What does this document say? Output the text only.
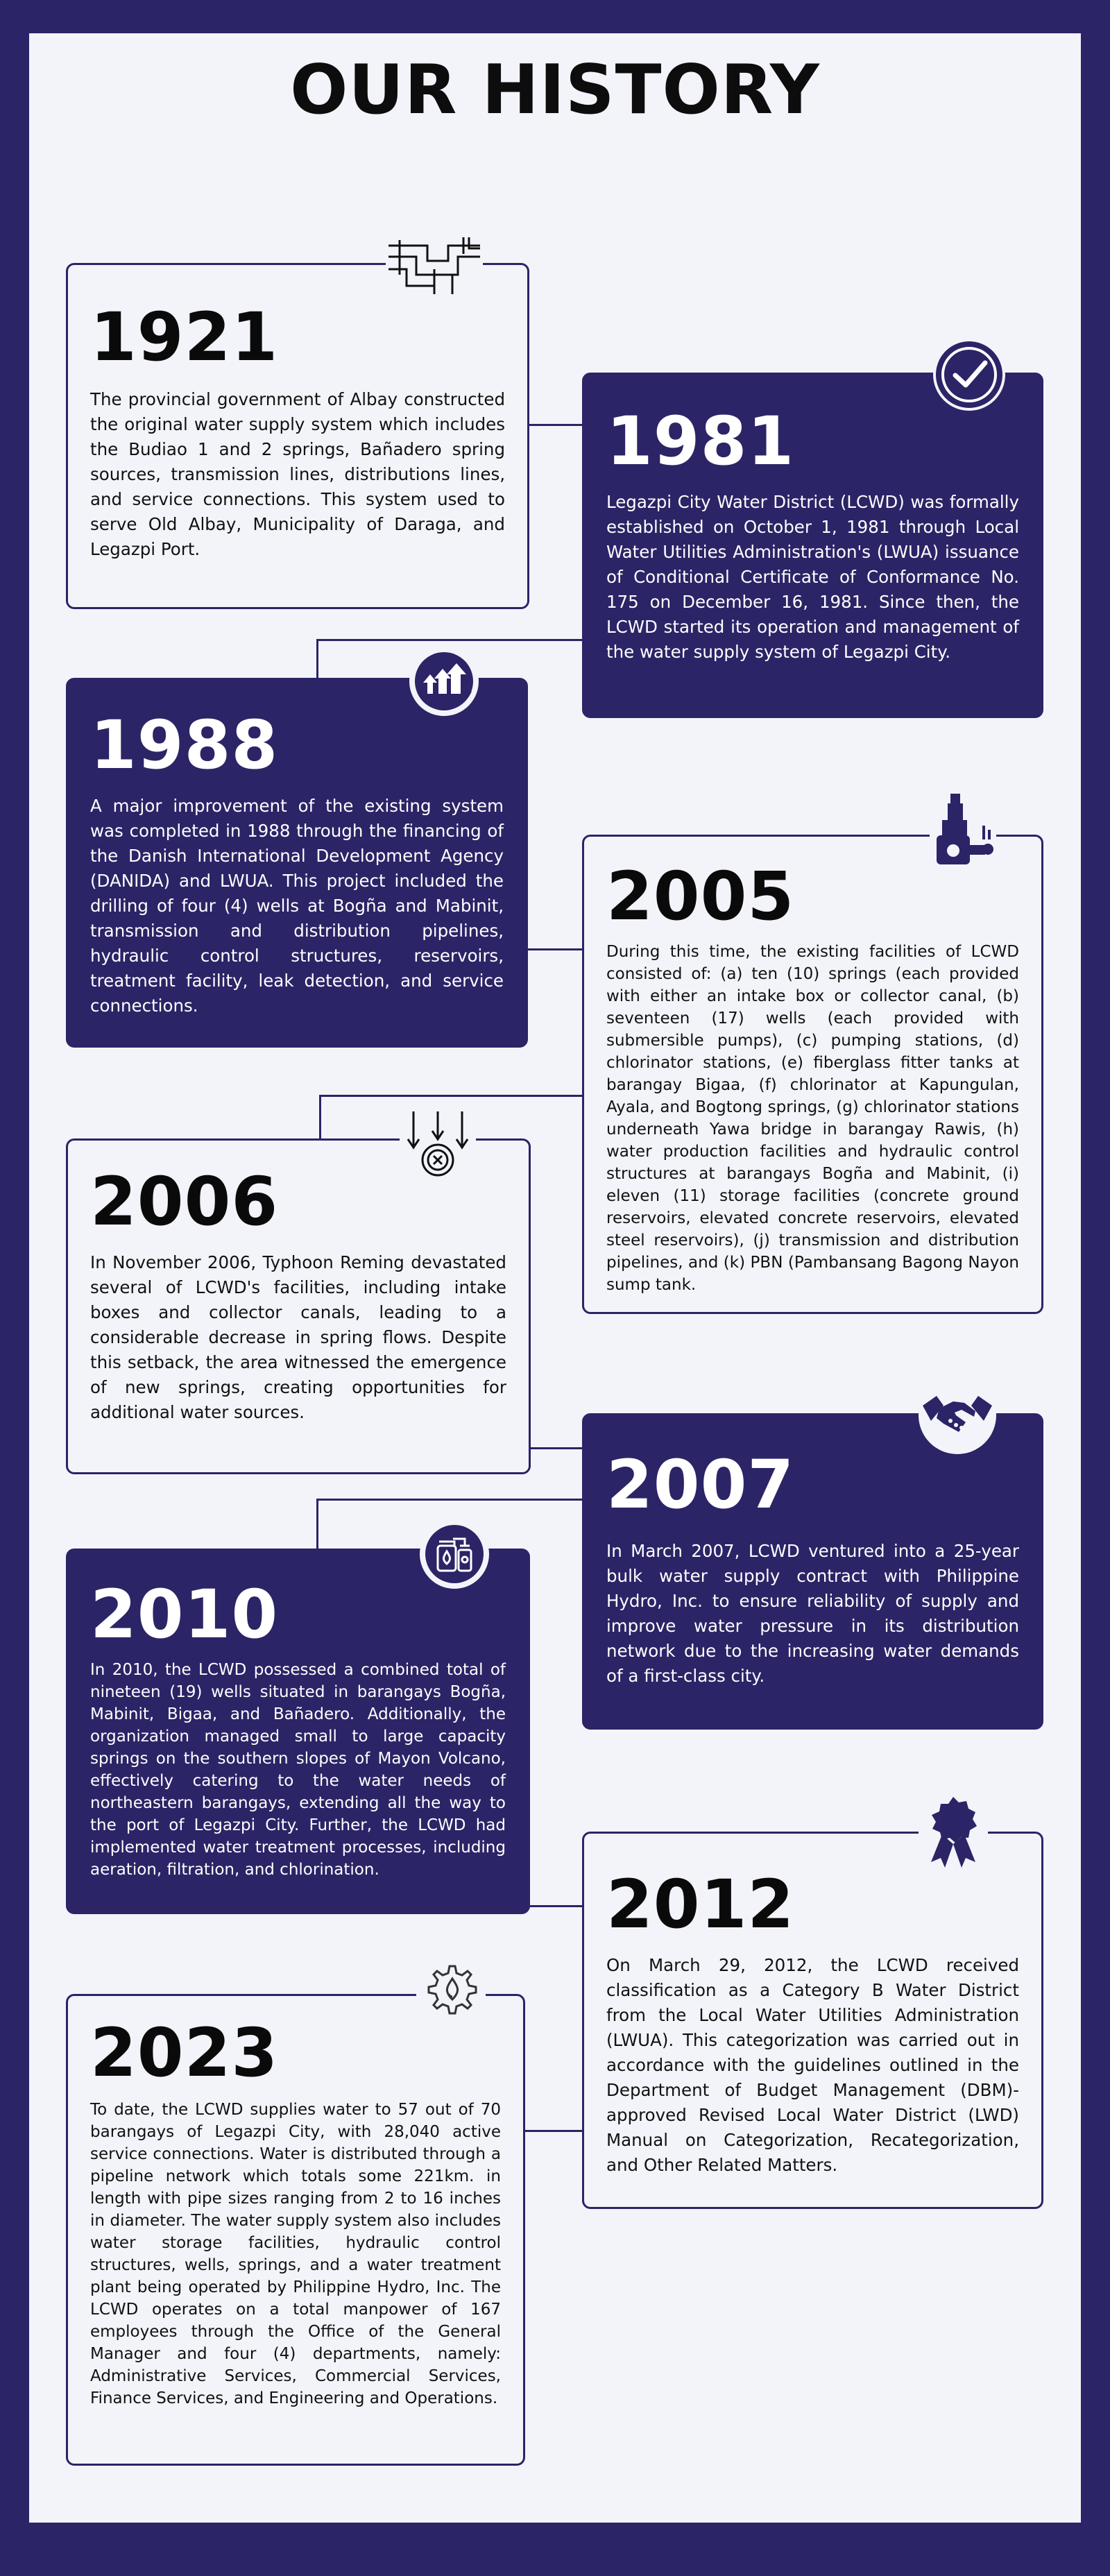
OUR HISTORY
1921

The provincial government of Albay constructed the original water supply system which includes the Budiao 1 and 2 springs, Bañadero spring sources, transmission lines, distributions lines, and service connections. This system used to serve Old Albay, Municipality of Daraga, and Legazpi Port.

1981

Legazpi City Water District (LCWD) was formally established on October 1, 1981 through Local Water Utilities Administration's (LWUA) issuance of Conditional Certificate of Conformance No. 175 on December 16, 1981. Since then, the LCWD started its operation and management of the water supply system of Legazpi City.

1988

A major improvement of the existing system was completed in 1988 through the financing of the Danish International Development Agency (DANIDA) and LWUA. This project included the drilling of four (4) wells at Bogña and Mabinit, transmission and distribution pipelines, hydraulic control structures, reservoirs, treatment facility, leak detection, and service connections.

2005

During this time, the existing facilities of LCWD consisted of: (a) ten (10) springs (each provided with either an intake box or collector canal, (b) seventeen (17) wells (each provided with submersible pumps), (c) pumping stations, (d) chlorinator stations, (e) fiberglass fitter tanks at barangay Bigaa, (f) chlorinator at Kapungulan, Ayala, and Bogtong springs, (g) chlorinator stations underneath Yawa bridge in barangay Rawis, (h) water production facilities and hydraulic control structures at barangays Bogña and Mabinit, (i) eleven (11) storage facilities (concrete ground reservoirs, elevated concrete reservoirs, elevated steel reservoirs), (j) transmission and distribution pipelines, and (k) PBN (Pambansang Bagong Nayon sump tank.

2006

In November 2006, Typhoon Reming devastated several of LCWD's facilities, including intake boxes and collector canals, leading to a considerable decrease in spring flows. Despite this setback, the area witnessed the emergence of new springs, creating opportunities for additional water sources.

2007

In March 2007, LCWD ventured into a 25-year bulk water supply contract with Philippine Hydro, Inc. to ensure reliability of supply and improve water pressure in its distribution network due to the increasing water demands of a first-class city.

2010

In 2010, the LCWD possessed a combined total of nineteen (19) wells situated in barangays Bogña, Mabinit, Bigaa, and Bañadero. Additionally, the organization managed small to large capacity springs on the southern slopes of Mayon Volcano, effectively catering to the water needs of northeastern barangays, extending all the way to the port of Legazpi City. Further, the LCWD had implemented water treatment processes, including aeration, filtration, and chlorination.	2012

On March 29, 2012, the LCWD received classification as a Category B Water District from the Local Water Utilities Administration (LWUA). This categorization was carried out in accordance with the guidelines outlined in the Department of Budget Management (DBM)-approved Revised Local Water District (LWD) Manual on Categorization, Recategorization, and Other Related Matters.

2023

To date, the LCWD supplies water to 57 out of 70 barangays of Legazpi City, with 28,040 active service connections. Water is distributed through a pipeline network which totals some 221km. in length with pipe sizes ranging from 2 to 16 inches in diameter. The water supply system also includes water storage facilities, hydraulic control structures, wells, springs, and a water treatment plant being operated by Philippine Hydro, Inc. The LCWD operates on a total manpower of 167 employees through the Office of the General Manager and four (4) departments, namely: Administrative Services, Commercial Services, Finance Services, and Engineering and Operations.
